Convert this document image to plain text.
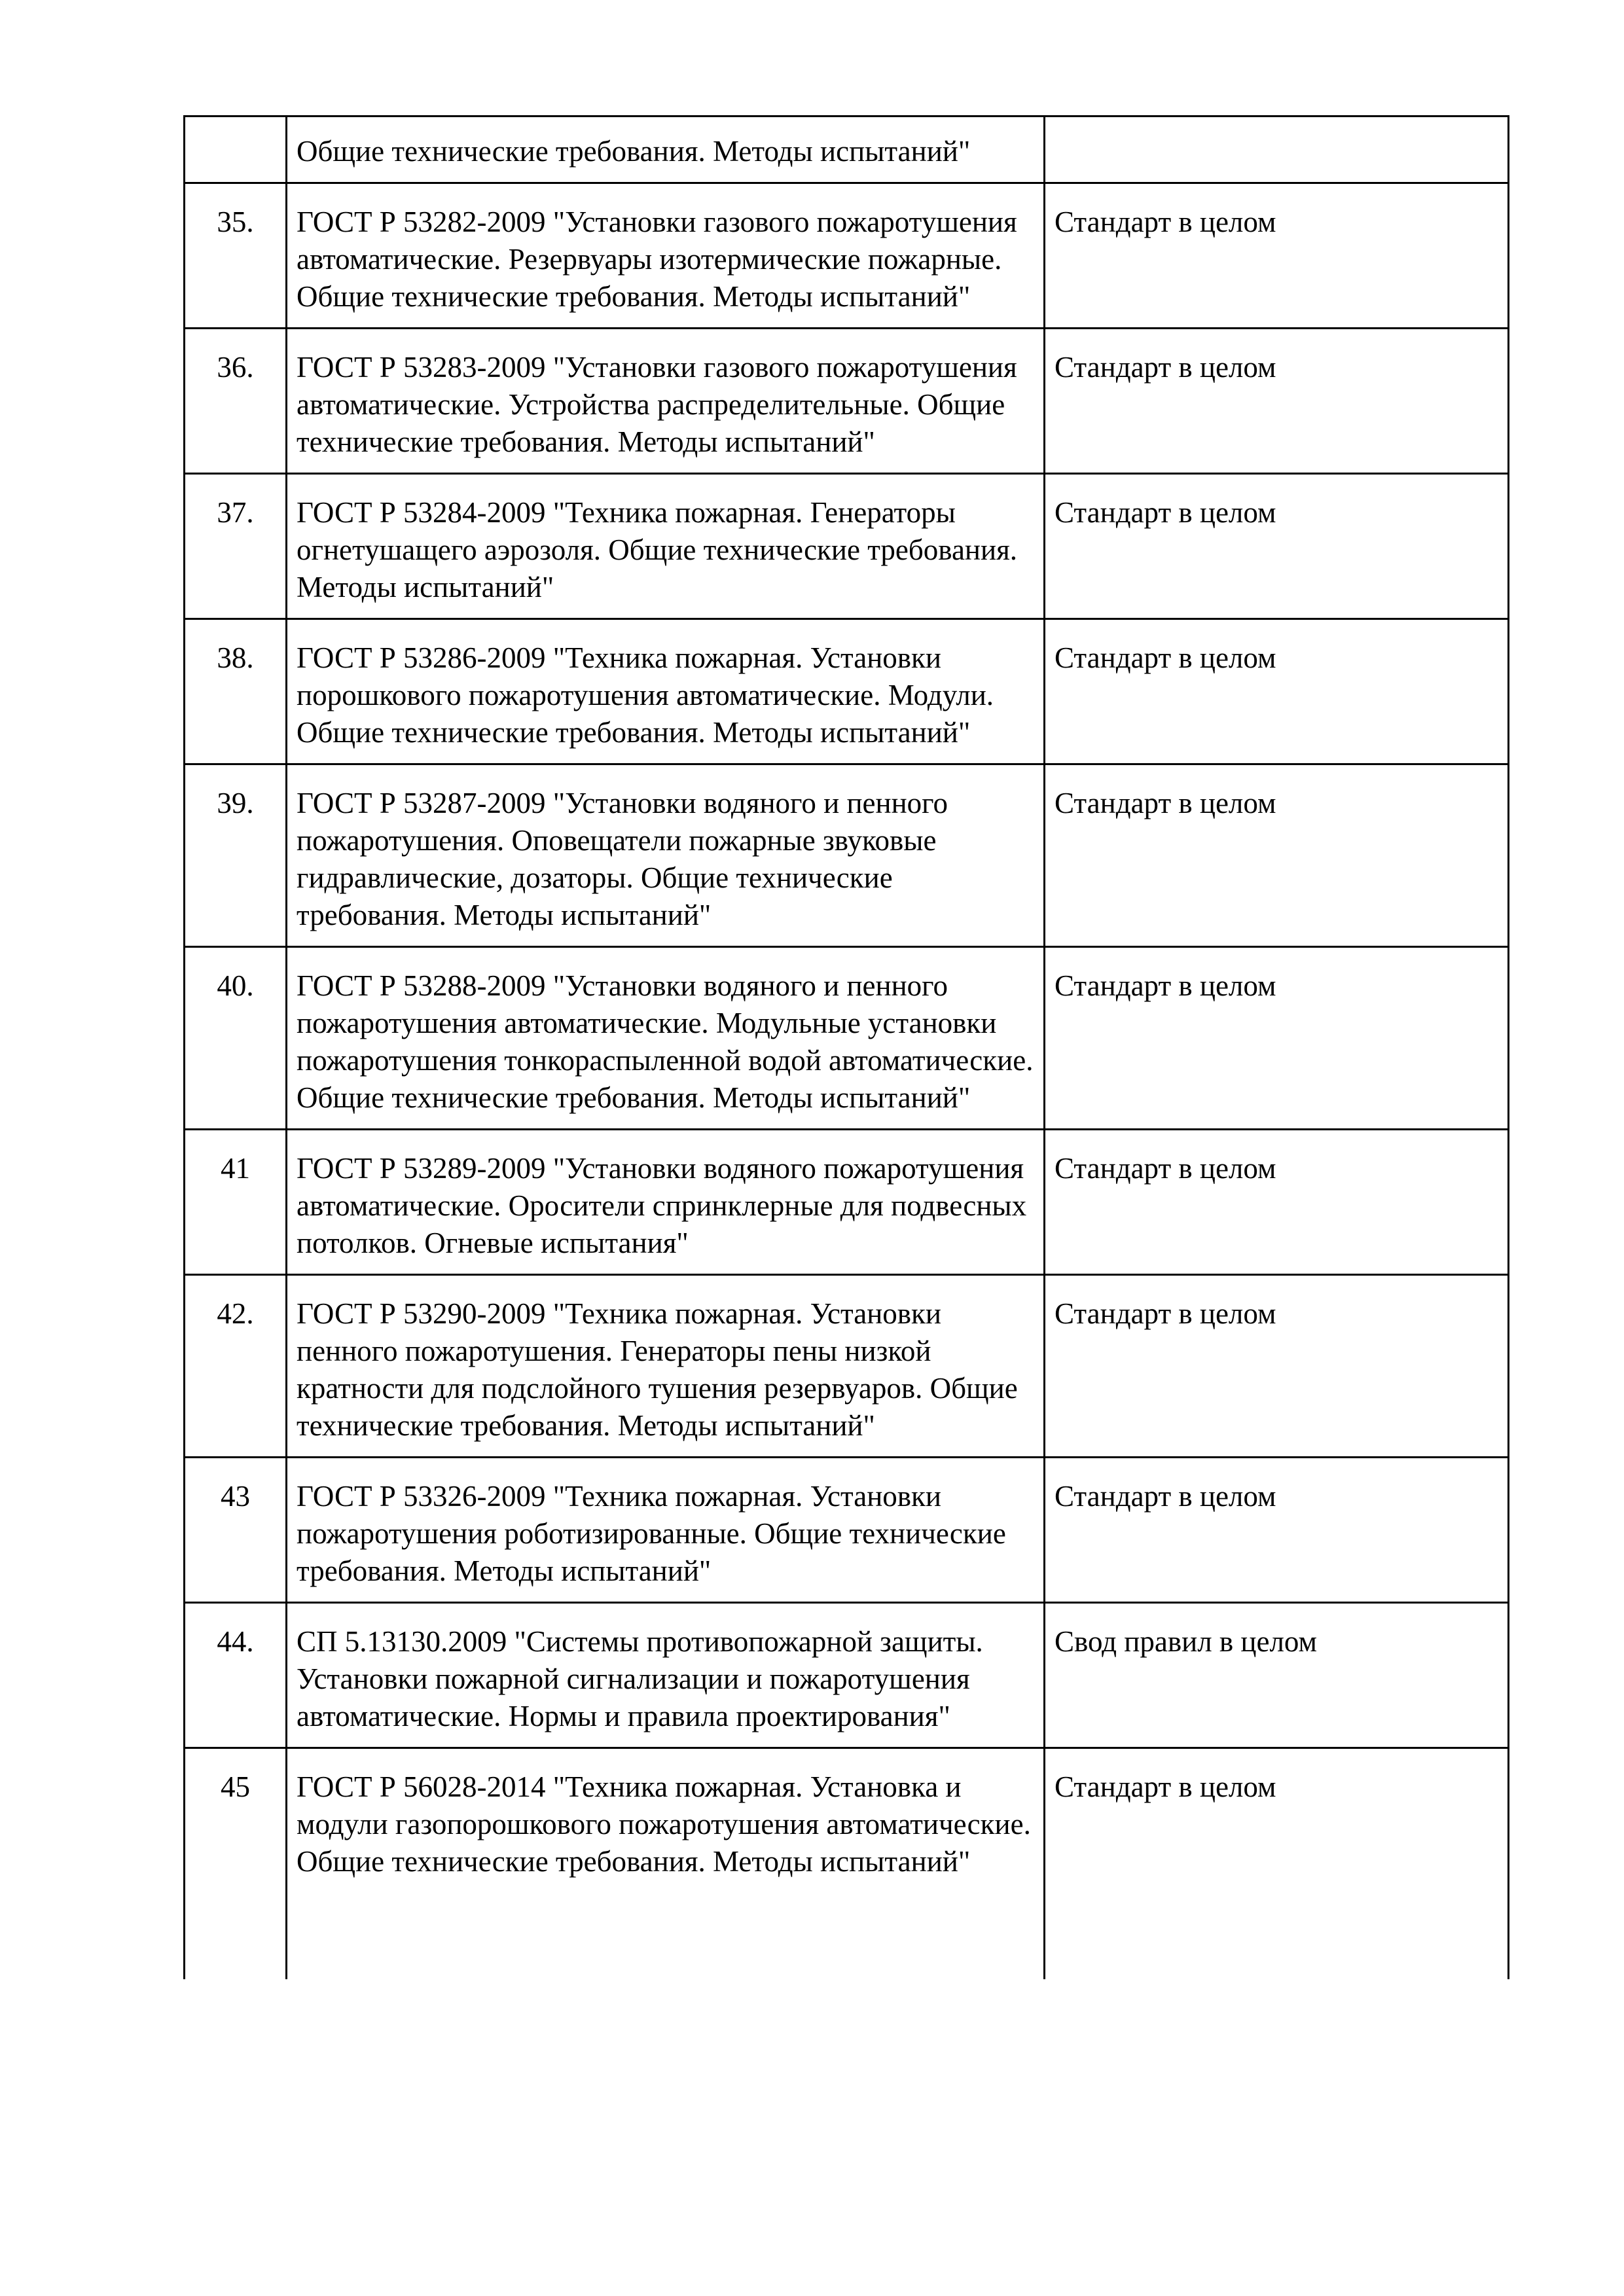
	Общие технические требования. Методы испытаний"	
35.	ГОСТ Р 53282-2009 "Установки газового пожаротушения автоматические. Резервуары изотермические пожарные. Общие технические требования. Методы испытаний"	Стандарт в целом
36.	ГОСТ Р 53283-2009 "Установки газового пожаротушения автоматические. Устройства распределительные. Общие технические требования. Методы испытаний"	Стандарт в целом
37.	ГОСТ Р 53284-2009 "Техника пожарная. Генераторы огнетушащего аэрозоля. Общие технические требования. Методы испытаний"	Стандарт в целом
38.	ГОСТ Р 53286-2009 "Техника пожарная. Установки порошкового пожаротушения автоматические. Модули. Общие технические требования. Методы испытаний"	Стандарт в целом
39.	ГОСТ Р 53287-2009 "Установки водяного и пенного пожаротушения. Оповещатели пожарные звуковые гидравлические, дозаторы. Общие технические требования. Методы испытаний"	Стандарт в целом
40.	ГОСТ Р 53288-2009 "Установки водяного и пенного пожаротушения автоматические. Модульные установки пожаротушения тонкораспыленной водой автоматические. Общие технические требования. Методы испытаний"	Стандарт в целом
41	ГОСТ Р 53289-2009 "Установки водяного пожаротушения автоматические. Оросители спринклерные для подвесных потолков. Огневые испытания"	Стандарт в целом
42.	ГОСТ Р 53290-2009 "Техника пожарная. Установки пенного пожаротушения. Генераторы пены низкой кратности для подслойного тушения резервуаров. Общие технические требования. Методы испытаний"	Стандарт в целом
43	ГОСТ Р 53326-2009 "Техника пожарная. Установки пожаротушения роботизированные. Общие технические требования. Методы испытаний"	Стандарт в целом
44.	СП 5.13130.2009 "Системы противопожарной защиты. Установки пожарной сигнализации и пожаротушения автоматические. Нормы и правила проектирования"	Свод правил в целом
45	ГОСТ Р 56028-2014 "Техника пожарная. Установка и модули газопорошкового пожаротушения автоматические. Общие технические требования. Методы испытаний"	Стандарт в целом
